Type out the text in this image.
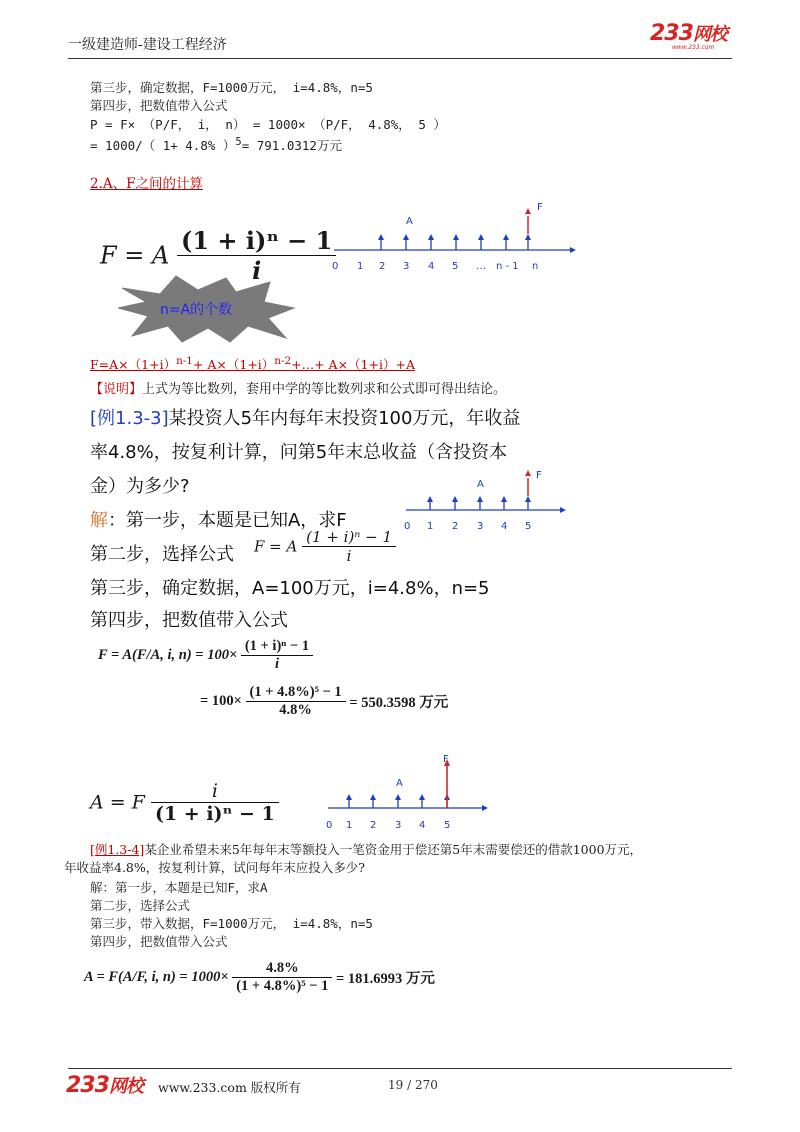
一级建造师-建设工程经济	233网校
www.233.com
第三步，确定数据，F=1000万元， i=4.8%，n=5
第四步，把数值带入公式
P = F× （P/F， i， n） = 1000× （P/F， 4.8%， 5 ）
= 1000/（ 1+ 4.8% ）$^5$= 791.0312万元
2.A、F之间的计算
F = A $\frac{\text{(1 + i)ⁿ − 1}}{i}$
n=A的个数
A
F
0 1 2 3 4 5 … n - 1 n
$F=A\times(1+i)^{n-1}+$ $A\times(1+i)^{n-2}+\dots+ A\times(1+i)+A$
【说明】上式为等比数列，套用中学的等比数列求和公式即可得出结论。
[例1.3-3]某投资人5年内每年末投资100万元，年收益
率4.8%，按复利计算，问第5年末总收益（含投资本
金）为多少?
解：第一步，本题是已知A，求F
第二步，选择公式 F = A $\frac{\text{(1 + i)ⁿ − 1}}{i}$
第三步，确定数据，A=100万元，i=4.8%，n=5
第四步，把数值带入公式
A
F
0 1 2 3 4 5
F = A(F/A, i, $n) = 100\times \frac{\text{(1 + i)ⁿ − 1}}{i}$
= $100\times \frac{\text{(1 + 4.8\%)⁵ − 1}}{4.8\%} = 550.3598$ 万元
A = F $\frac{i}{\text{(1 + i)ⁿ − 1}}$	A
F
0 1 2 3 4 5
[例1.3-4]某企业希望未来5年每年末等额投入一笔资金用于偿还第5年末需要偿还的借款1000万元，
年收益率4.8%，按复利计算，试问每年末应投入多少?
解：第一步，本题是已知F，求A
第二步，选择公式
第三步，带入数据，F=1000万元， i=4.8%，n=5
第四步，把数值带入公式
A = F(A/F, i, $n) = 1000\times \frac{4.8\%}{\text{(1 + 4.8\%)⁵ − 1}} = 181.6993$ 万元
233网校 www.233.com 版权所有	19 / 270
